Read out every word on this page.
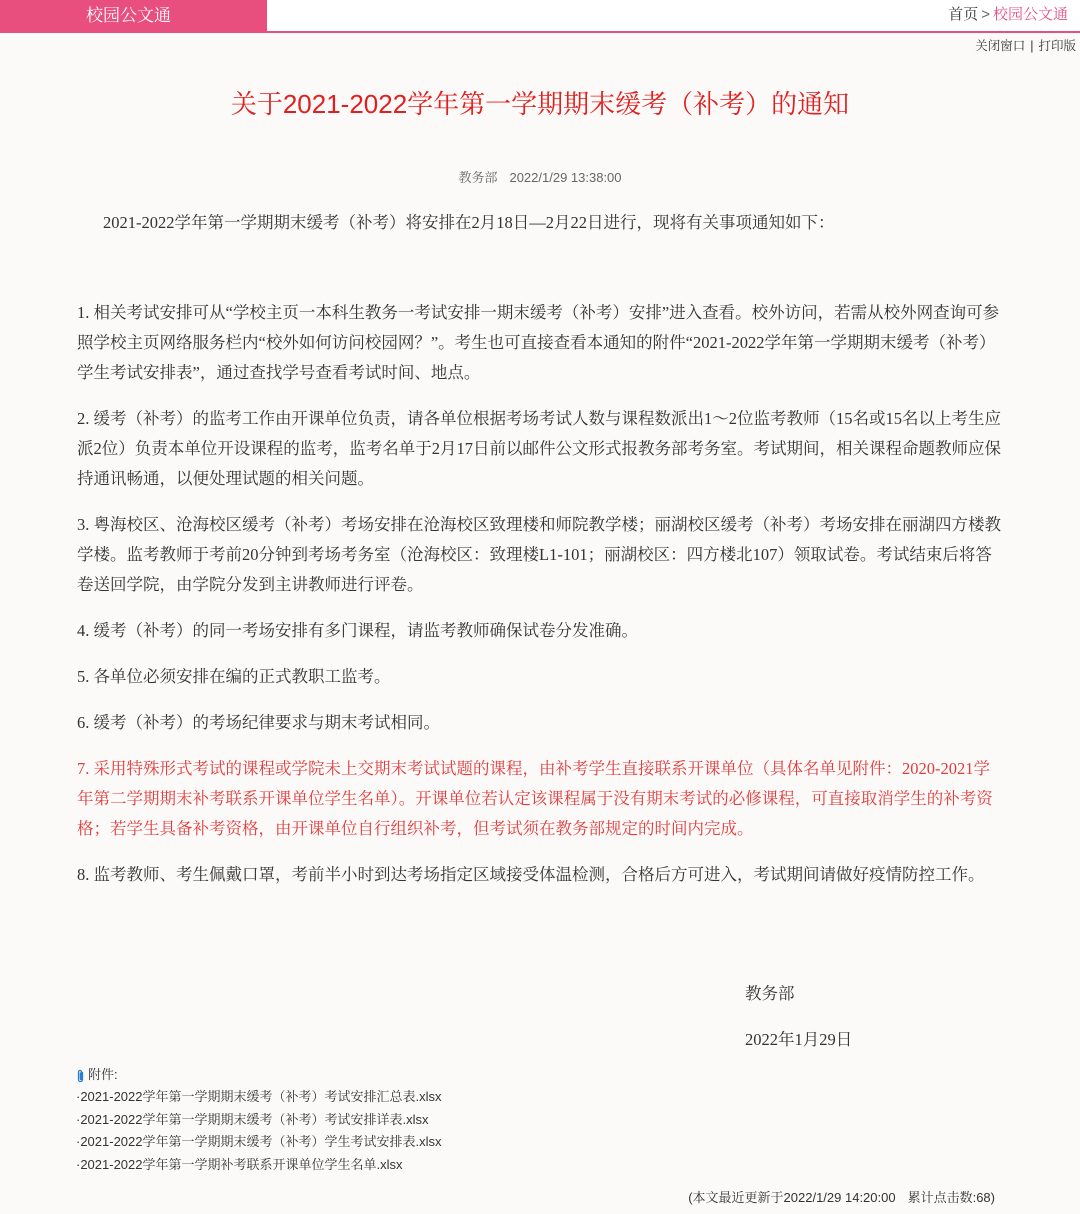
校园公文通	首页 > 校园公文通
关闭窗口 | 打印版
关于2021-2022学年第一学期期末缓考（补考）的通知
教务部 2022/1/29 13:38:00

2021-2022学年第一学期期末缓考（补考）将安排在2月18日—2月22日进行，现将有关事项通知如下：

1. 相关考试安排可从“学校主页一本科生教务一考试安排一期末缓考（补考）安排”进入查看。校外访问，若需从校外网查询可参照学校主页网络服务栏内“校外如何访问校园网？”。考生也可直接查看本通知的附件“2021-2022学年第一学期期末缓考（补考）学生考试安排表”，通过查找学号查看考试时间、地点。

2. 缓考（补考）的监考工作由开课单位负责，请各单位根据考场考试人数与课程数派出1～2位监考教师（15名或15名以上考生应派2位）负责本单位开设课程的监考，监考名单于2月17日前以邮件公文形式报教务部考务室。考试期间，相关课程命题教师应保持通讯畅通，以便处理试题的相关问题。

3. 粤海校区、沧海校区缓考（补考）考场安排在沧海校区致理楼和师院教学楼；丽湖校区缓考（补考）考场安排在丽湖四方楼教学楼。监考教师于考前20分钟到考场考务室（沧海校区：致理楼L1-101；丽湖校区：四方楼北107）领取试卷。考试结束后将答卷送回学院，由学院分发到主讲教师进行评卷。

4. 缓考（补考）的同一考场安排有多门课程，请监考教师确保试卷分发准确。

5. 各单位必须安排在编的正式教职工监考。

6. 缓考（补考）的考场纪律要求与期末考试相同。

7. 采用特殊形式考试的课程或学院未上交期末考试试题的课程，由补考学生直接联系开课单位（具体名单见附件：2020-2021学年第二学期期末补考联系开课单位学生名单）。开课单位若认定该课程属于没有期末考试的必修课程，可直接取消学生的补考资格；若学生具备补考资格，由开课单位自行组织补考，但考试须在教务部规定的时间内完成。

8. 监考教师、考生佩戴口罩，考前半小时到达考场指定区域接受体温检测，合格后方可进入，考试期间请做好疫情防控工作。

教务部
2022年1月29日
附件:
·2021-2022学年第一学期期末缓考（补考）考试安排汇总表.xlsx
·2021-2022学年第一学期期末缓考（补考）考试安排详表.xlsx
·2021-2022学年第一学期期末缓考（补考）学生考试安排表.xlsx
·2021-2022学年第一学期补考联系开课单位学生名单.xlsx
(本文最近更新于2022/1/29 14:20:00 累计点击数:68)
